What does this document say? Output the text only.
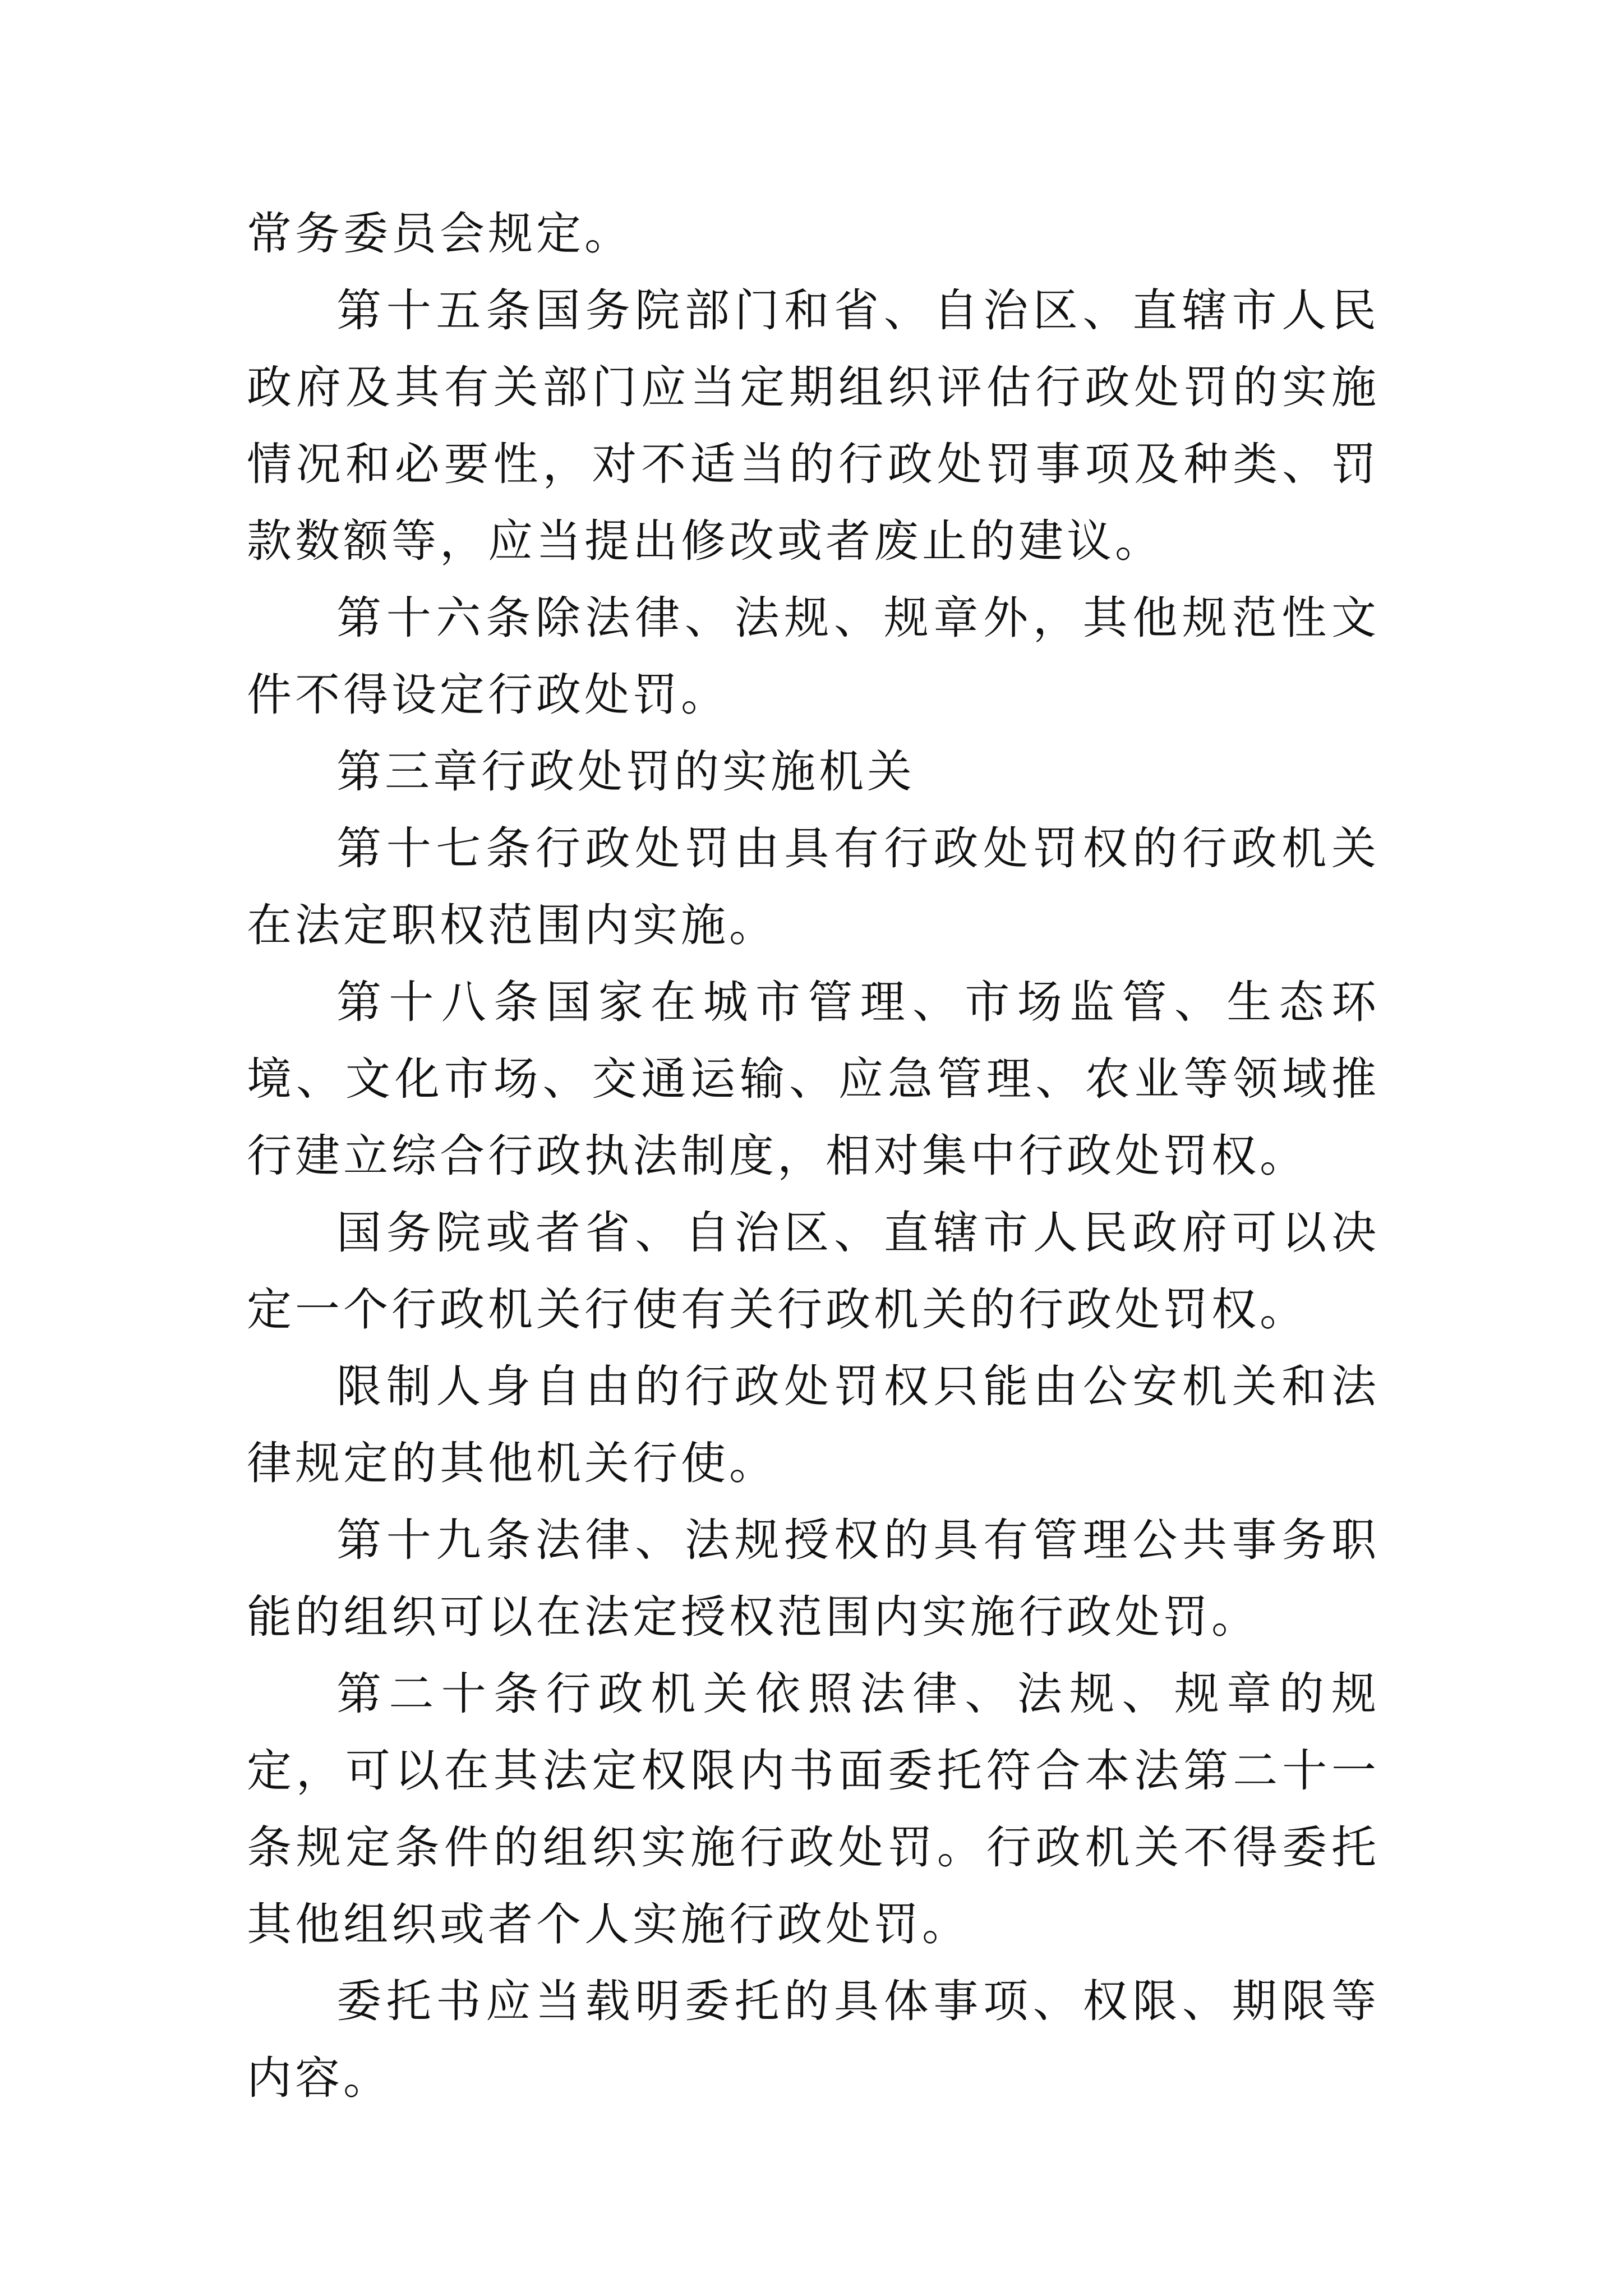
常务委员会规定。

第十五条国务院部门和省、自治区、直辖市人民政府及其有关部门应当定期组织评估行政处罚的实施情况和必要性，对不适当的行政处罚事项及种类、罚款数额等，应当提出修改或者废止的建议。

第十六条除法律、法规、规章外，其他规范性文件不得设定行政处罚。

第三章行政处罚的实施机关

第十七条行政处罚由具有行政处罚权的行政机关在法定职权范围内实施。

第十八条国家在城市管理、市场监管、生态环境、文化市场、交通运输、应急管理、农业等领域推行建立综合行政执法制度，相对集中行政处罚权。

国务院或者省、自治区、直辖市人民政府可以决定一个行政机关行使有关行政机关的行政处罚权。

限制人身自由的行政处罚权只能由公安机关和法律规定的其他机关行使。

第十九条法律、法规授权的具有管理公共事务职能的组织可以在法定授权范围内实施行政处罚。

第二十条行政机关依照法律、法规、规章的规定，可以在其法定权限内书面委托符合本法第二十一条规定条件的组织实施行政处罚。行政机关不得委托其他组织或者个人实施行政处罚。

委托书应当载明委托的具体事项、权限、期限等内容。
